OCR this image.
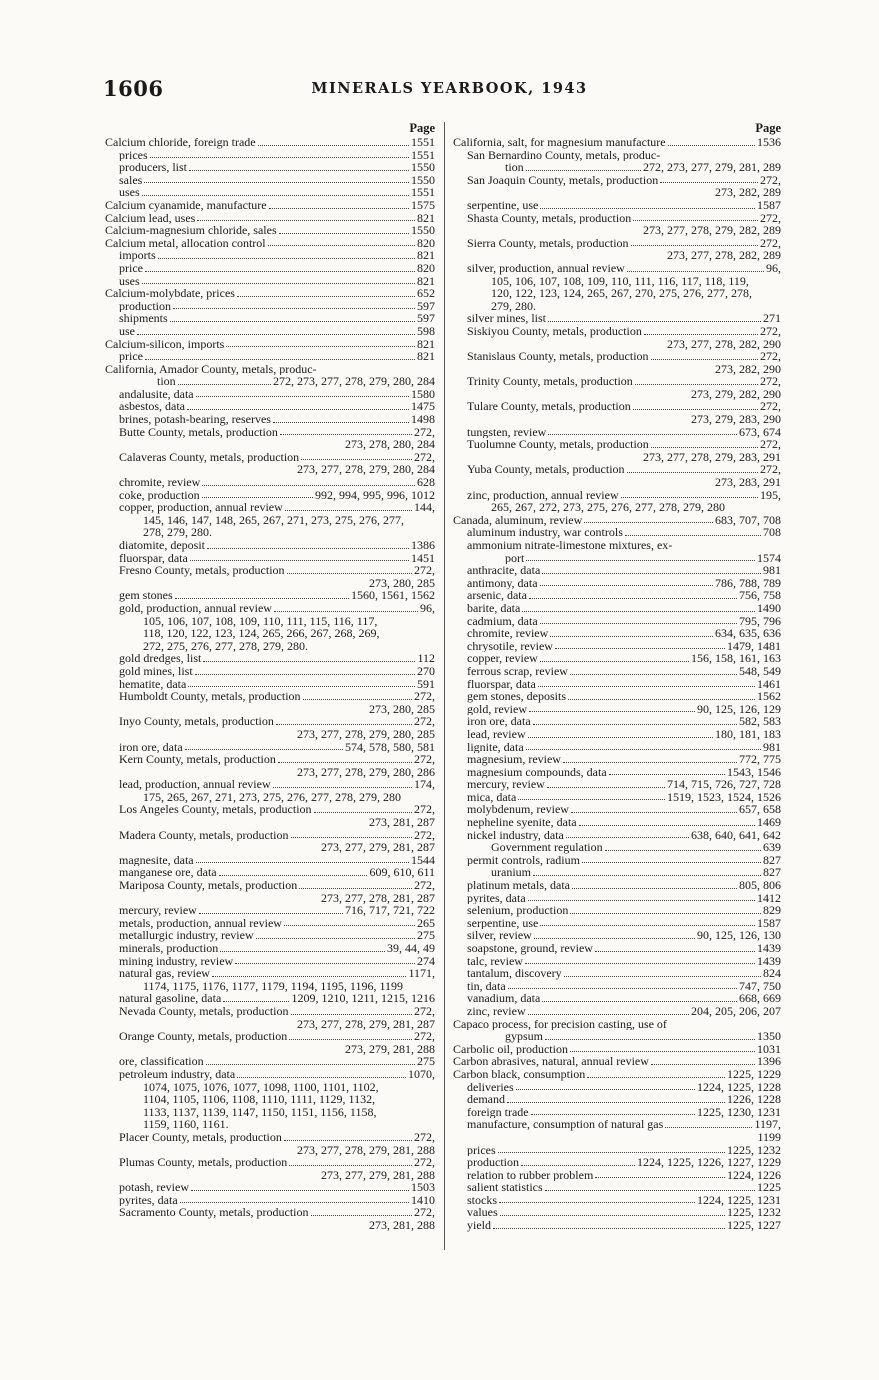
1606	MINERALS YEARBOOK, 1943
Page
Calcium chloride, foreign trade	1551
prices	1551
producers, list	1550
sales	1550
uses	1551
Calcium cyanamide, manufacture	1575
Calcium lead, uses	821
Calcium-magnesium chloride, sales	1550
Calcium metal, allocation control	820
imports	821
price	820
uses	821
Calcium-molybdate, prices	652
production	597
shipments	597
use	598
Calcium-silicon, imports	821
price	821
California, Amador County, metals, produc-
tion	272, 273, 277, 278, 279, 280, 284
andalusite, data	1580
asbestos, data	1475
brines, potash-bearing, reserves	1498
Butte County, metals, production	272,
273, 278, 280, 284
Calaveras County, metals, production	272,
273, 277, 278, 279, 280, 284
chromite, review	628
coke, production	992, 994, 995, 996, 1012
copper, production, annual review	144,
145, 146, 147, 148, 265, 267, 271, 273, 275, 276, 277,
278, 279, 280.
diatomite, deposit	1386
fluorspar, data	1451
Fresno County, metals, production	272,
273, 280, 285
gem stones	1560, 1561, 1562
gold, production, annual review	96,
105, 106, 107, 108, 109, 110, 111, 115, 116, 117,
118, 120, 122, 123, 124, 265, 266, 267, 268, 269,
272, 275, 276, 277, 278, 279, 280.
gold dredges, list	112
gold mines, list	270
hematite, data	591
Humboldt County, metals, production	272,
273, 280, 285
Inyo County, metals, production	272,
273, 277, 278, 279, 280, 285
iron ore, data	574, 578, 580, 581
Kern County, metals, production	272,
273, 277, 278, 279, 280, 286
lead, production, annual review	174,
175, 265, 267, 271, 273, 275, 276, 277, 278, 279, 280
Los Angeles County, metals, production	272,
273, 281, 287
Madera County, metals, production	272,
273, 277, 279, 281, 287
magnesite, data	1544
manganese ore, data	609, 610, 611
Mariposa County, metals, production	272,
273, 277, 278, 281, 287
mercury, review	716, 717, 721, 722
metals, production, annual review	265
metallurgic industry, review	275
minerals, production	39, 44, 49
mining industry, review	274
natural gas, review	1171,
1174, 1175, 1176, 1177, 1179, 1194, 1195, 1196, 1199
natural gasoline, data	1209, 1210, 1211, 1215, 1216
Nevada County, metals, production	272,
273, 277, 278, 279, 281, 287
Orange County, metals, production	272,
273, 279, 281, 288
ore, classification	275
petroleum industry, data	1070,
1074, 1075, 1076, 1077, 1098, 1100, 1101, 1102,
1104, 1105, 1106, 1108, 1110, 1111, 1129, 1132,
1133, 1137, 1139, 1147, 1150, 1151, 1156, 1158,
1159, 1160, 1161.
Placer County, metals, production	272,
273, 277, 278, 279, 281, 288
Plumas County, metals, production	272,
273, 277, 279, 281, 288
potash, review	1503
pyrites, data	1410
Sacramento County, metals, production	272,
273, 281, 288
Page
California, salt, for magnesium manufacture	1536
San Bernardino County, metals, produc-
tion	272, 273, 277, 279, 281, 289
San Joaquin County, metals, production	272,
273, 282, 289
serpentine, use	1587
Shasta County, metals, production	272,
273, 277, 278, 279, 282, 289
Sierra County, metals, production	272,
273, 277, 278, 282, 289
silver, production, annual review	96,
105, 106, 107, 108, 109, 110, 111, 116, 117, 118, 119,
120, 122, 123, 124, 265, 267, 270, 275, 276, 277, 278,
279, 280.
silver mines, list	271
Siskiyou County, metals, production	272,
273, 277, 278, 282, 290
Stanislaus County, metals, production	272,
273, 282, 290
Trinity County, metals, production	272,
273, 279, 282, 290
Tulare County, metals, production	272,
273, 279, 283, 290
tungsten, review	673, 674
Tuolumne County, metals, production	272,
273, 277, 278, 279, 283, 291
Yuba County, metals, production	272,
273, 283, 291
zinc, production, annual review	195,
265, 267, 272, 273, 275, 276, 277, 278, 279, 280
Canada, aluminum, review	683, 707, 708
aluminum industry, war controls	708
ammonium nitrate-limestone mixtures, ex-
port	1574
anthracite, data	981
antimony, data	786, 788, 789
arsenic, data	756, 758
barite, data	1490
cadmium, data	795, 796
chromite, review	634, 635, 636
chrysotile, review	1479, 1481
copper, review	156, 158, 161, 163
ferrous scrap, review	548, 549
fluorspar, data	1461
gem stones, deposits	1562
gold, review	90, 125, 126, 129
iron ore, data	582, 583
lead, review	180, 181, 183
lignite, data	981
magnesium, review	772, 775
magnesium compounds, data	1543, 1546
mercury, review	714, 715, 726, 727, 728
mica, data	1519, 1523, 1524, 1526
molybdenum, review	657, 658
nepheline syenite, data	1469
nickel industry, data	638, 640, 641, 642
Government regulation	639
permit controls, radium	827
uranium	827
platinum metals, data	805, 806
pyrites, data	1412
selenium, production	829
serpentine, use	1587
silver, review	90, 125, 126, 130
soapstone, ground, review	1439
talc, review	1439
tantalum, discovery	824
tin, data	747, 750
vanadium, data	668, 669
zinc, review	204, 205, 206, 207
Capaco process, for precision casting, use of
gypsum	1350
Carbolic oil, production	1031
Carbon abrasives, natural, annual review	1396
Carbon black, consumption	1225, 1229
deliveries	1224, 1225, 1228
demand	1226, 1228
foreign trade	1225, 1230, 1231
manufacture, consumption of natural gas	1197,
1199
prices	1225, 1232
production	1224, 1225, 1226, 1227, 1229
relation to rubber problem	1224, 1226
salient statistics	1225
stocks	1224, 1225, 1231
values	1225, 1232
yield	1225, 1227
